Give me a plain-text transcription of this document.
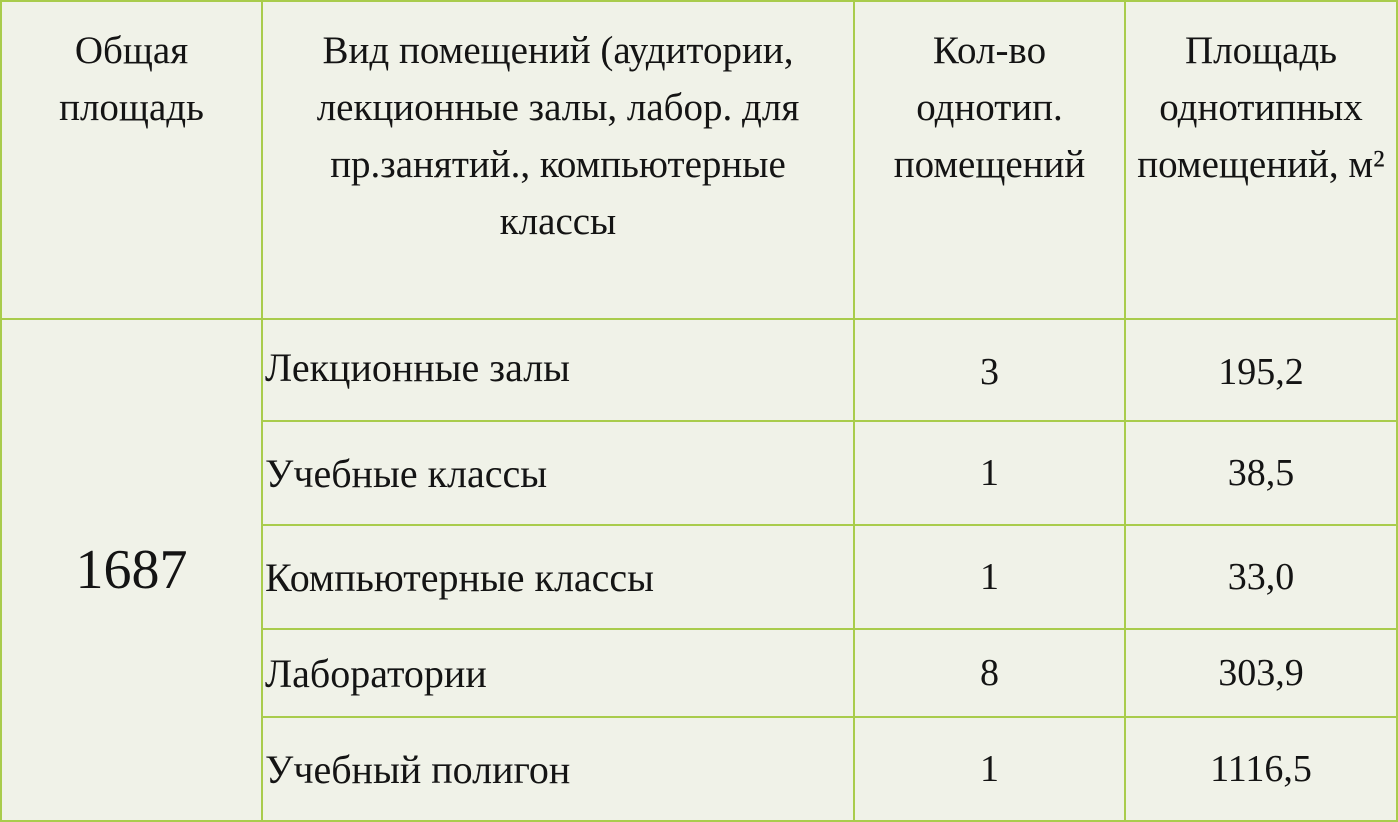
Общая площадь	Вид помещений (аудитории, лекционные залы, лабор. для пр.занятий., компьютерные классы	Кол-во однотип. помещений	Площадь однотипных помещений, м²
1687	Лекционные залы	3	195,2
	Учебные классы	1	38,5
	Компьютерные классы	1	33,0
	Лаборатории	8	303,9
	Учебный полигон	1	1116,5
